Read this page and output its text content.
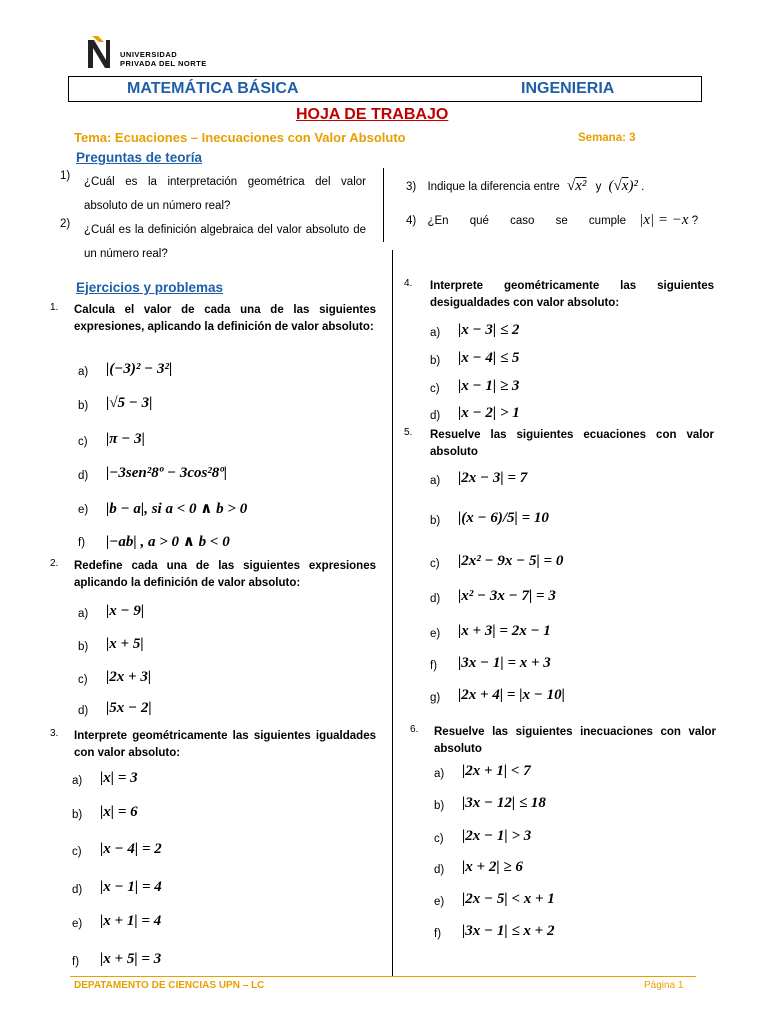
UNIVERSIDAD
PRIVADA DEL NORTE
MATEMÁTICA BÁSICA	INGENIERIA
HOJA DE TRABAJO
Tema: Ecuaciones – Inecuaciones con Valor Absoluto	Semana: 3
Preguntas de teoría
1) ¿Cuál es la interpretación geométrica del valor absoluto de un número real?
2) ¿Cuál es la definición algebraica del valor absoluto de un número real?
3) Indique la diferencia entre √x² y (√x)² .
4) ¿En qué caso se cumple |x| = −x ?
Ejercicios y problemas
1. Calcula el valor de cada una de las siguientes expresiones, aplicando la definición de valor absoluto:
a) |(−3)² − 3²|
b) |√5 − 3|
c) |π − 3|
d) |−3sen²8º − 3cos²8º|
e) |b − a|, si a < 0 ∧ b > 0
f) |−ab| , a > 0 ∧ b < 0
2. Redefine cada una de las siguientes expresiones aplicando la definición de valor absoluto:
a) |x − 9|
b) |x + 5|
c) |2x + 3|
d) |5x − 2|
3. Interprete geométricamente las siguientes igualdades con valor absoluto:
a) |x| = 3
b) |x| = 6
c) |x − 4| = 2
d) |x − 1| = 4
e) |x + 1| = 4
f) |x + 5| = 3
4. Interprete geométricamente las siguientes desigualdades con valor absoluto:
a) |x − 3| ≤ 2
b) |x − 4| ≤ 5
c) |x − 1| ≥ 3
d) |x − 2| > 1
5. Resuelve las siguientes ecuaciones con valor absoluto
a) |2x − 3| = 7
b) |(x − 6)/5| = 10
c) |2x² − 9x − 5| = 0
d) |x² − 3x − 7| = 3
e) |x + 3| = 2x − 1
f) |3x − 1| = x + 3
g) |2x + 4| = |x − 10|
6. Resuelve las siguientes inecuaciones con valor absoluto
a) |2x + 1| < 7
b) |3x − 12| ≤ 18
c) |2x − 1| > 3
d) |x + 2| ≥ 6
e) |2x − 5| < x + 1
f) |3x − 1| ≤ x + 2
DEPATAMENTO DE CIENCIAS UPN – LC	Página 1
